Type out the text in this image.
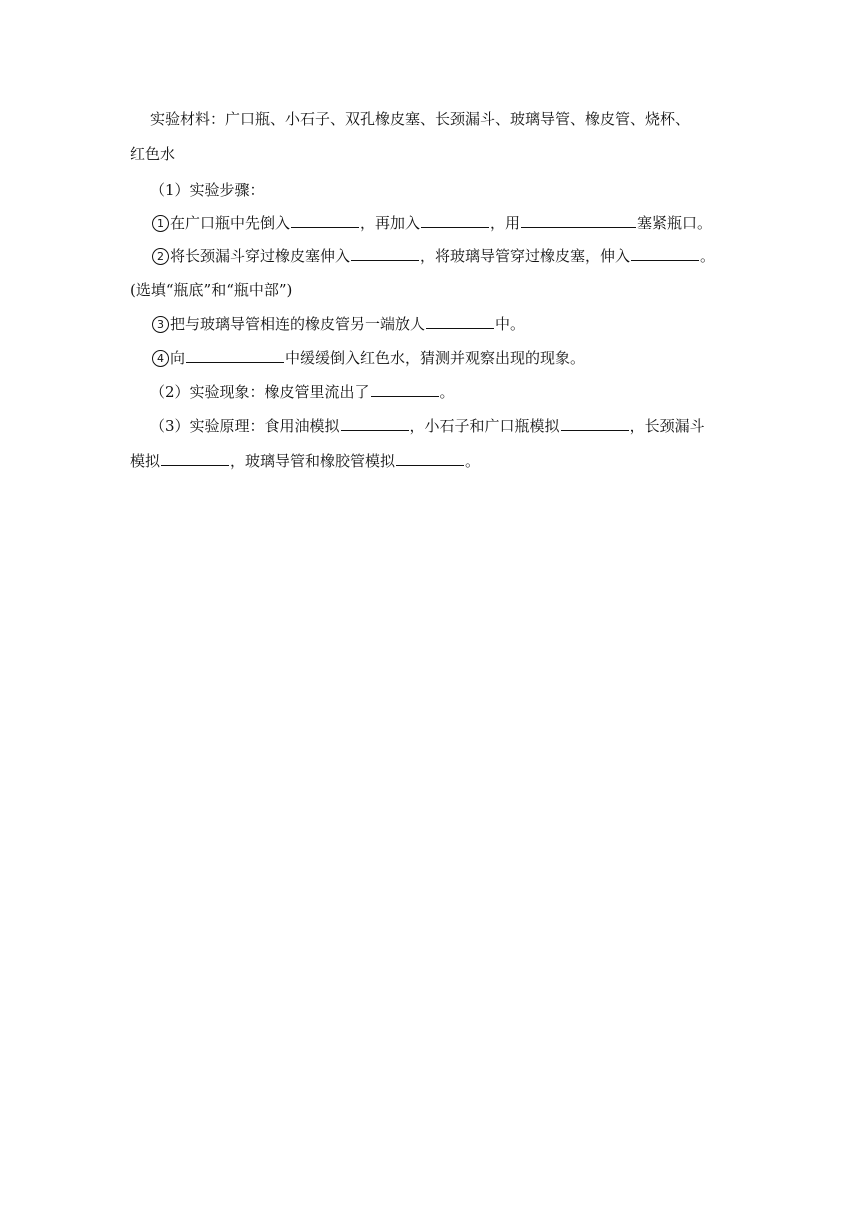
实验材料：广口瓶、小石子、双孔橡皮塞、长颈漏斗、玻璃导管、橡皮管、烧杯、
红色水
（1）实验步骤：
1 在广口瓶中先倒入	，再加入	，用	塞紧瓶口。
2 将长颈漏斗穿过橡皮塞伸入	，将玻璃导管穿过橡皮塞，伸入	。
(选填“瓶底”和“瓶中部”)
3 把与玻璃导管相连的橡皮管另一端放人	中。
4 向	中缓缓倒入红色水，猜测并观察出现的现象。
（2）实验现象：橡皮管里流出了	。
（3）实验原理：食用油模拟	，小石子和广口瓶模拟	，长颈漏斗
模拟	，玻璃导管和橡胶管模拟	。
